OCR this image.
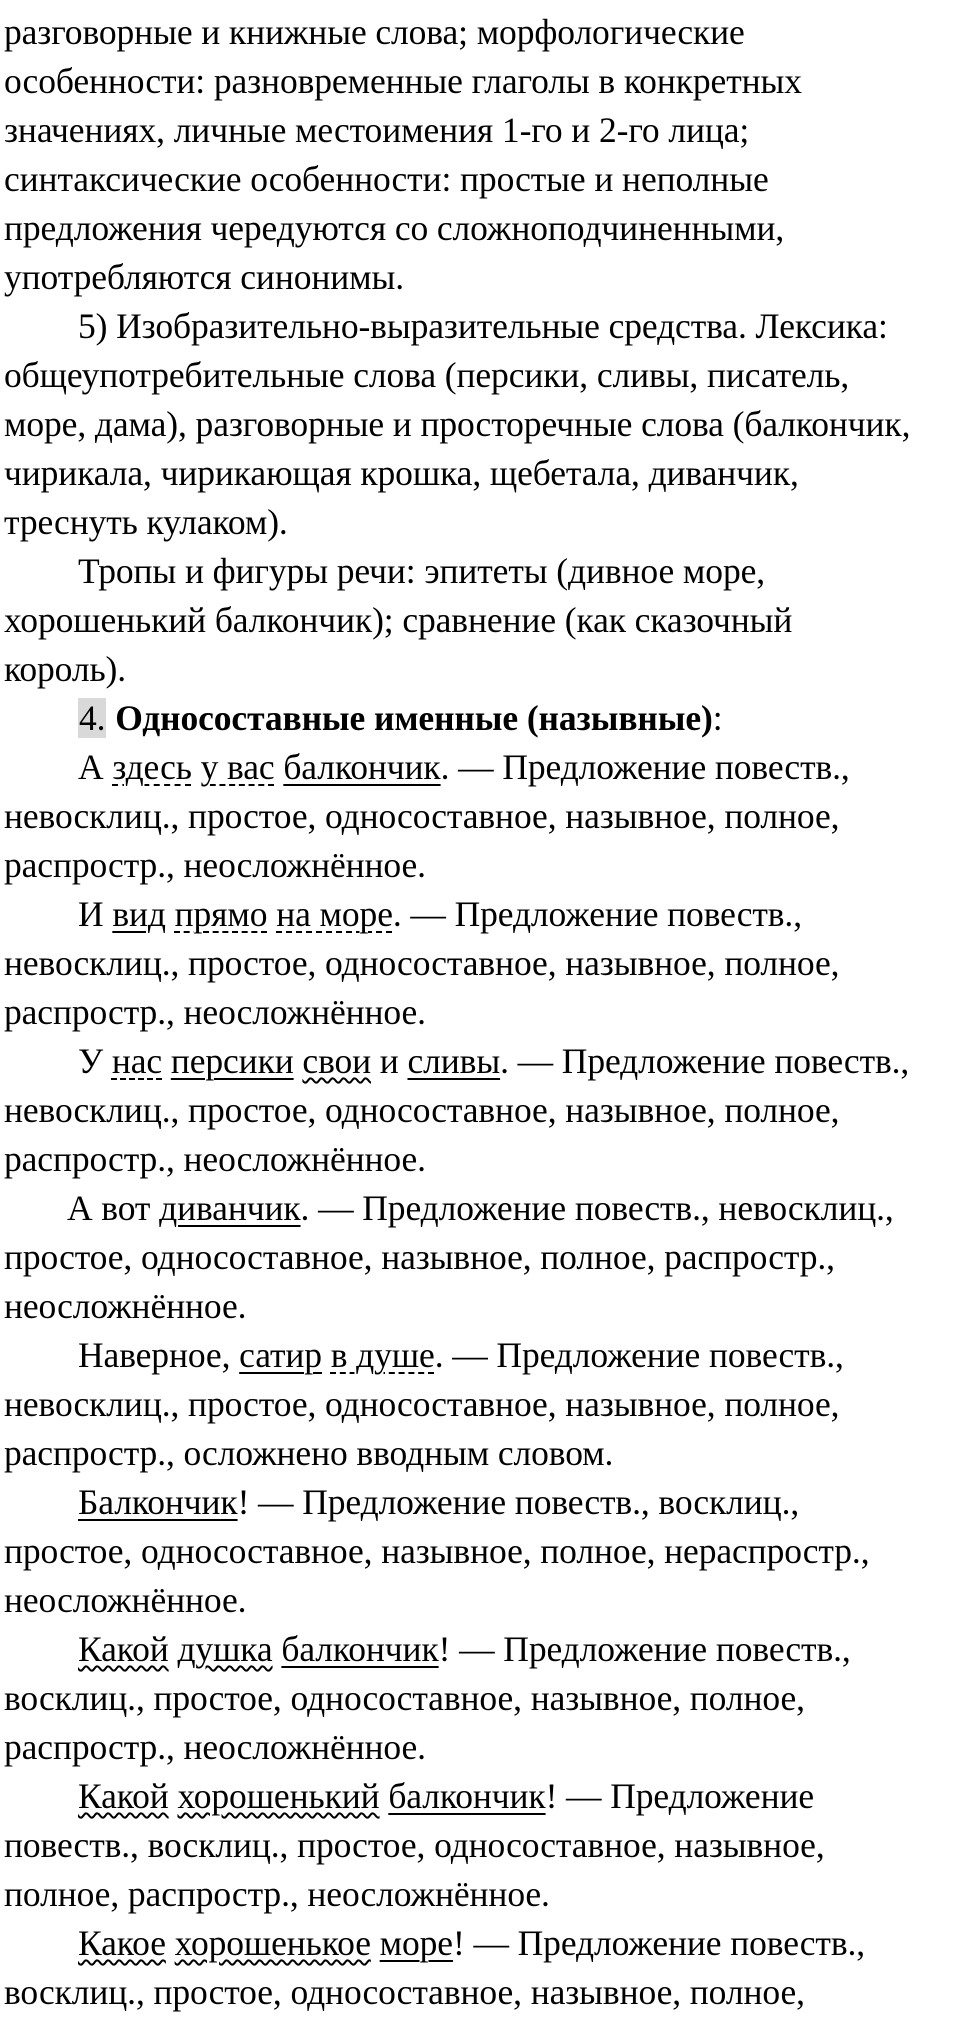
разговорные и книжные слова; морфологические

особенности: разновременные глаголы в конкретных

значениях, личные местоимения 1-го и 2-го лица;

синтаксические особенности: простые и неполные

предложения чередуются со сложноподчиненными,

употребляются синонимы.

5) Изобразительно-выразительные средства. Лексика:

общеупотребительные слова (персики, сливы, писатель,

море, дама), разговорные и просторечные слова (балкончик,

чирикала, чирикающая крошка, щебетала, диванчик,

треснуть кулаком).

Тропы и фигуры речи: эпитеты (дивное море,

хорошенький балкончик); сравнение (как сказочный

король).

4. Односоставные именные (назывные):

А здесь у вас балкончик. — Предложение повеств.,

невосклиц., простое, односоставное, назывное, полное,

распростр., неосложнённое.

И вид прямо на море. — Предложение повеств.,

невосклиц., простое, односоставное, назывное, полное,

распростр., неосложнённое.

У нас персики свои и сливы. — Предложение повеств.,

невосклиц., простое, односоставное, назывное, полное,

распростр., неосложнённое.

А вот диванчик. — Предложение повеств., невосклиц.,

простое, односоставное, назывное, полное, распростр.,

неосложнённое.

Наверное, сатир в душе. — Предложение повеств.,

невосклиц., простое, односоставное, назывное, полное,

распростр., осложнено вводным словом.

Балкончик! — Предложение повеств., восклиц.,

простое, односоставное, назывное, полное, нераспростр.,

неосложнённое.

Какой душка балкончик! — Предложение повеств.,

восклиц., простое, односоставное, назывное, полное,

распростр., неосложнённое.

Какой хорошенький балкончик! — Предложение

повеств., восклиц., простое, односоставное, назывное,

полное, распростр., неосложнённое.

Какое хорошенькое море! — Предложение повеств.,

восклиц., простое, односоставное, назывное, полное,
